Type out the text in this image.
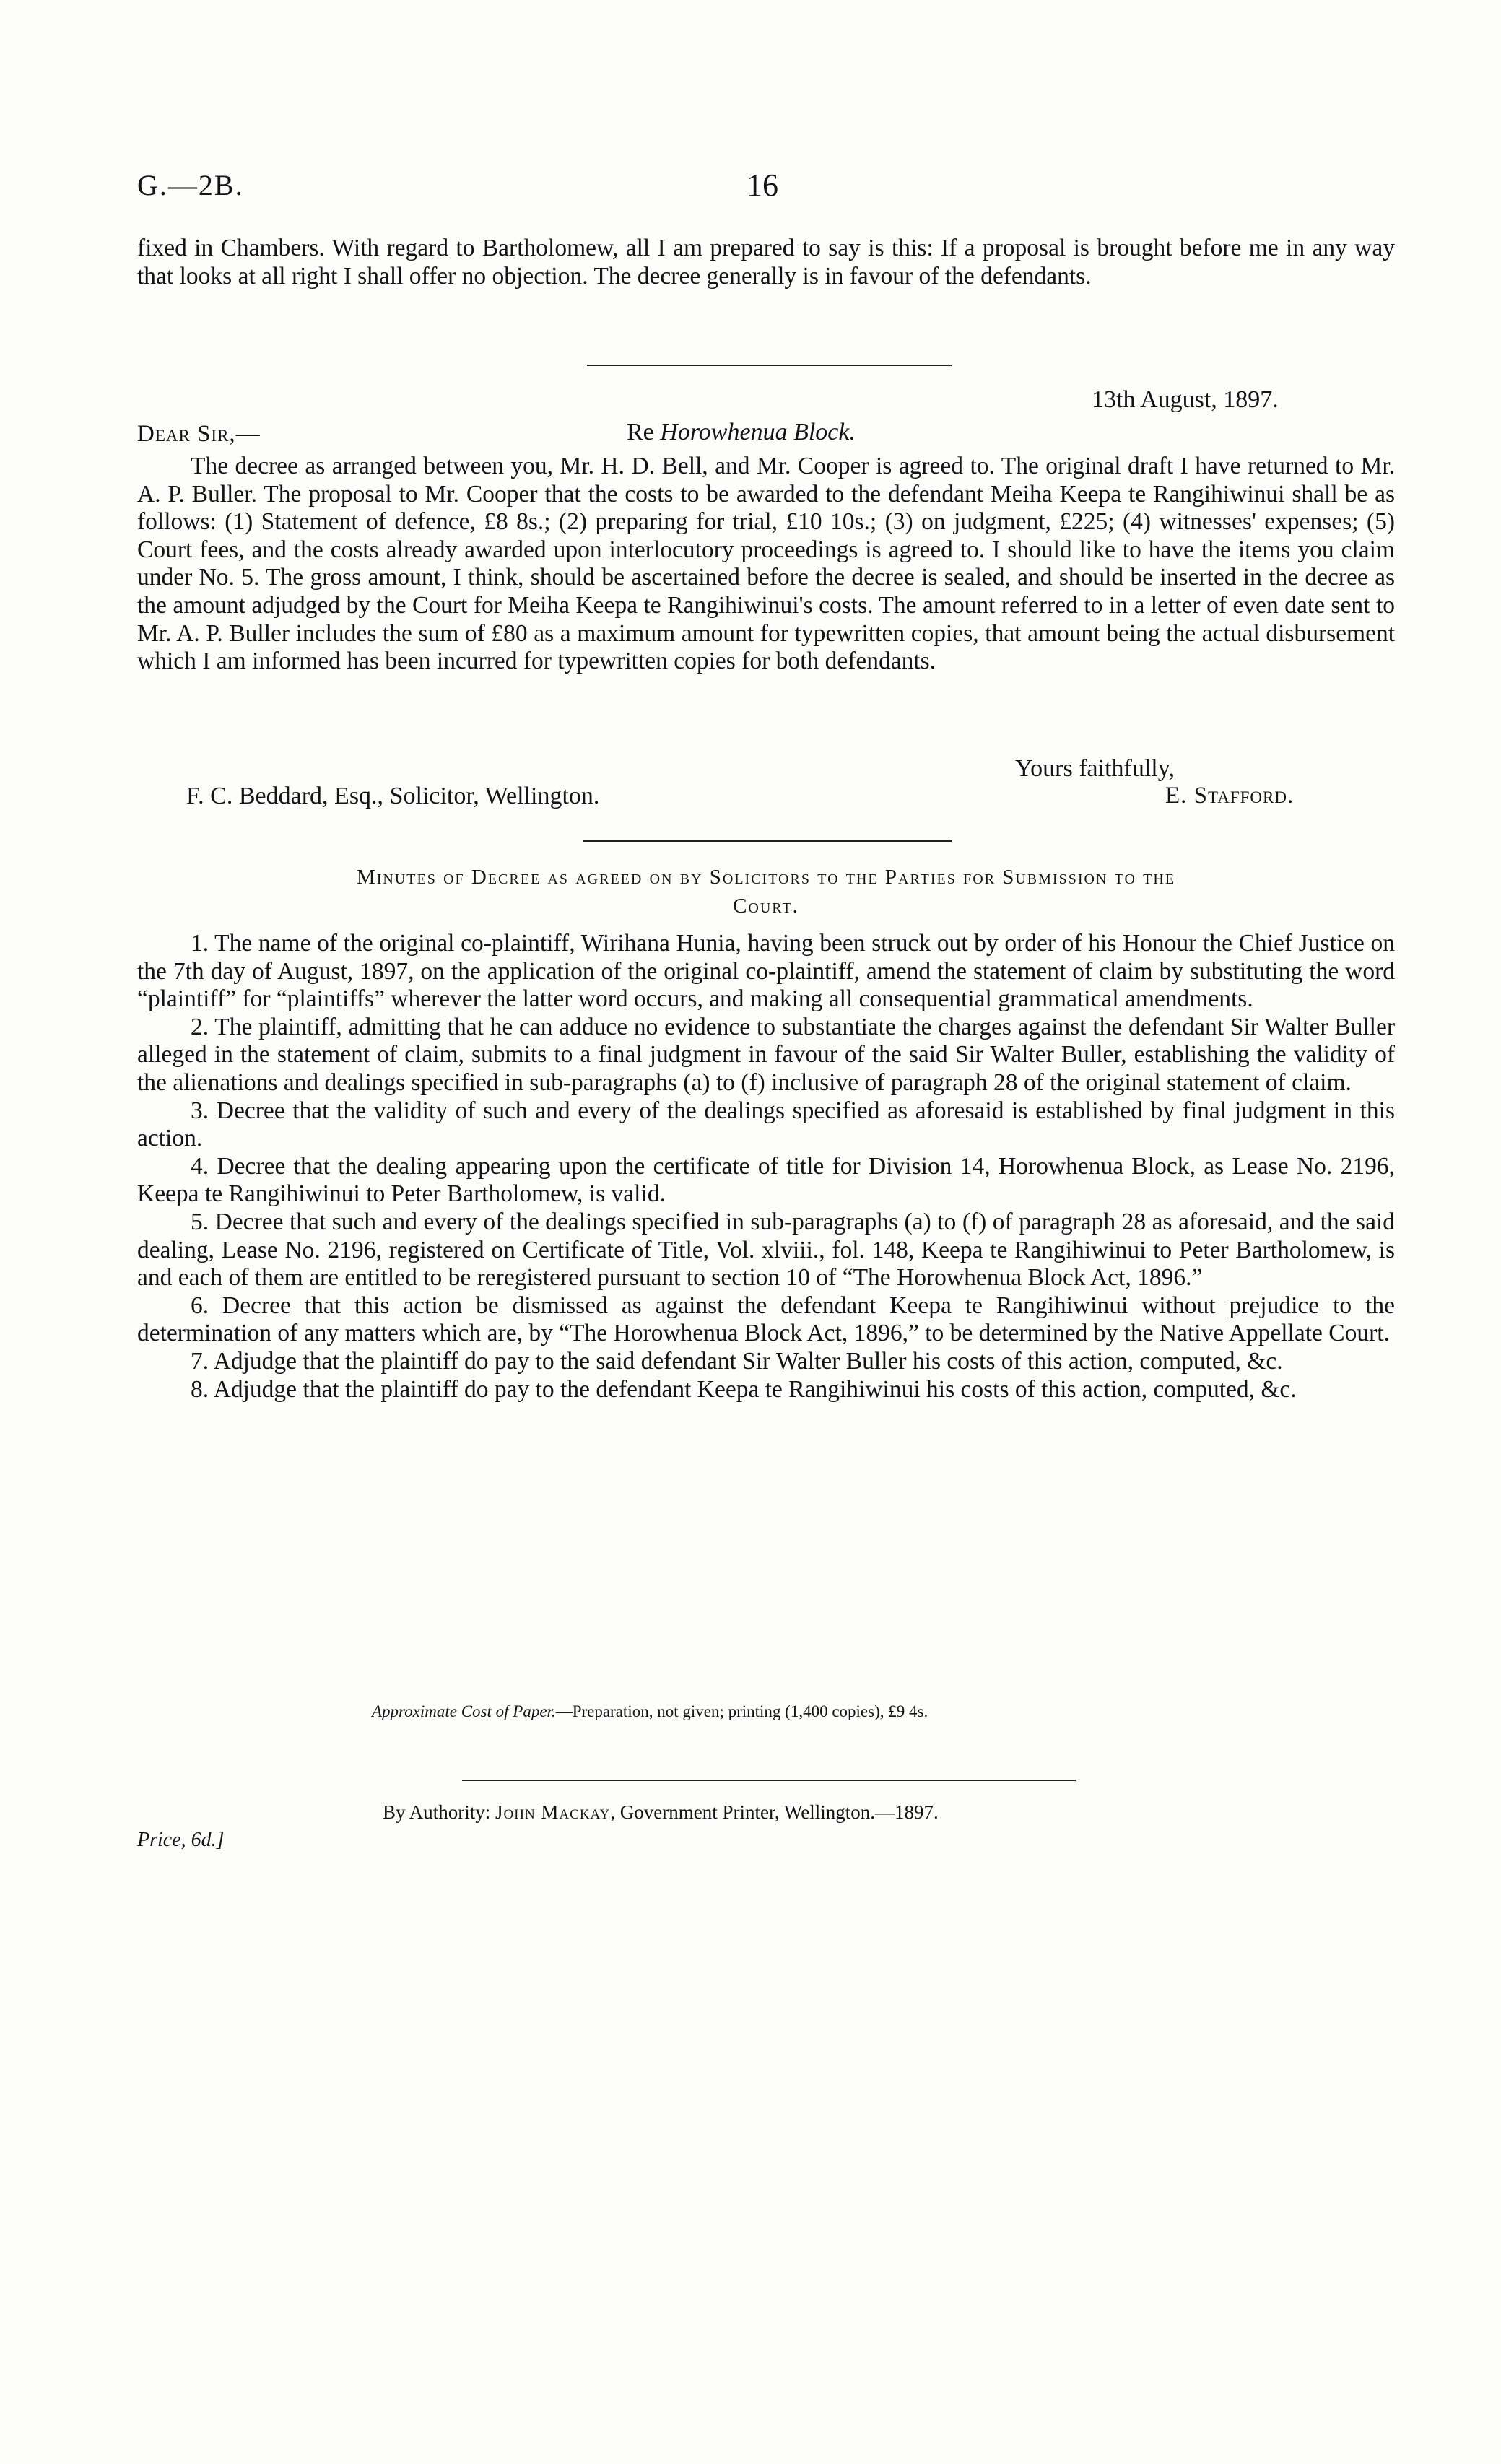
G.—2B.	16

fixed in Chambers. With regard to Bartholomew, all I am prepared to say is this: If a proposal is brought before me in any way that looks at all right I shall offer no objection. The decree generally is in favour of the defendants.

13th August, 1897.
Dear Sir,—	Re Horowhenua Block.

The decree as arranged between you, Mr. H. D. Bell, and Mr. Cooper is agreed to. The original draft I have returned to Mr. A. P. Buller. The proposal to Mr. Cooper that the costs to be awarded to the defendant Meiha Keepa te Rangihiwinui shall be as follows: (1) Statement of defence, £8 8s.; (2) preparing for trial, £10 10s.; (3) on judgment, £225; (4) witnesses' expenses; (5) Court fees, and the costs already awarded upon interlocutory proceedings is agreed to. I should like to have the items you claim under No. 5. The gross amount, I think, should be ascertained before the decree is sealed, and should be inserted in the decree as the amount adjudged by the Court for Meiha Keepa te Rangihiwinui's costs. The amount referred to in a letter of even date sent to Mr. A. P. Buller includes the sum of £80 as a maximum amount for typewritten copies, that amount being the actual disbursement which I am informed has been incurred for typewritten copies for both defendants.

Yours faithfully,
F. C. Beddard, Esq., Solicitor, Wellington.	E. Stafford.

Minutes of Decree as agreed on by Solicitors to the Parties for Submission to the

Court.

1. The name of the original co-plaintiff, Wirihana Hunia, having been struck out by order of his Honour the Chief Justice on the 7th day of August, 1897, on the application of the original co-plaintiff, amend the statement of claim by substituting the word “plaintiff” for “plaintiffs” wherever the latter word occurs, and making all consequential grammatical amendments.

2. The plaintiff, admitting that he can adduce no evidence to substantiate the charges against the defendant Sir Walter Buller alleged in the statement of claim, submits to a final judgment in favour of the said Sir Walter Buller, establishing the validity of the alienations and dealings specified in sub-paragraphs (a) to (f) inclusive of paragraph 28 of the original statement of claim.

3. Decree that the validity of such and every of the dealings specified as aforesaid is established by final judgment in this action.

4. Decree that the dealing appearing upon the certificate of title for Division 14, Horowhenua Block, as Lease No. 2196, Keepa te Rangihiwinui to Peter Bartholomew, is valid.

5. Decree that such and every of the dealings specified in sub-paragraphs (a) to (f) of paragraph 28 as aforesaid, and the said dealing, Lease No. 2196, registered on Certificate of Title, Vol. xlviii., fol. 148, Keepa te Rangihiwinui to Peter Bartholomew, is and each of them are entitled to be reregistered pursuant to section 10 of “The Horowhenua Block Act, 1896.”

6. Decree that this action be dismissed as against the defendant Keepa te Rangihiwinui without prejudice to the determination of any matters which are, by “The Horowhenua Block Act, 1896,” to be determined by the Native Appellate Court.

7. Adjudge that the plaintiff do pay to the said defendant Sir Walter Buller his costs of this action, computed, &c.

8. Adjudge that the plaintiff do pay to the defendant Keepa te Rangihiwinui his costs of this action, computed, &c.

Approximate Cost of Paper.—Preparation, not given; printing (1,400 copies), £9 4s.
By Authority: John Mackay, Government Printer, Wellington.—1897.
Price, 6d.]
